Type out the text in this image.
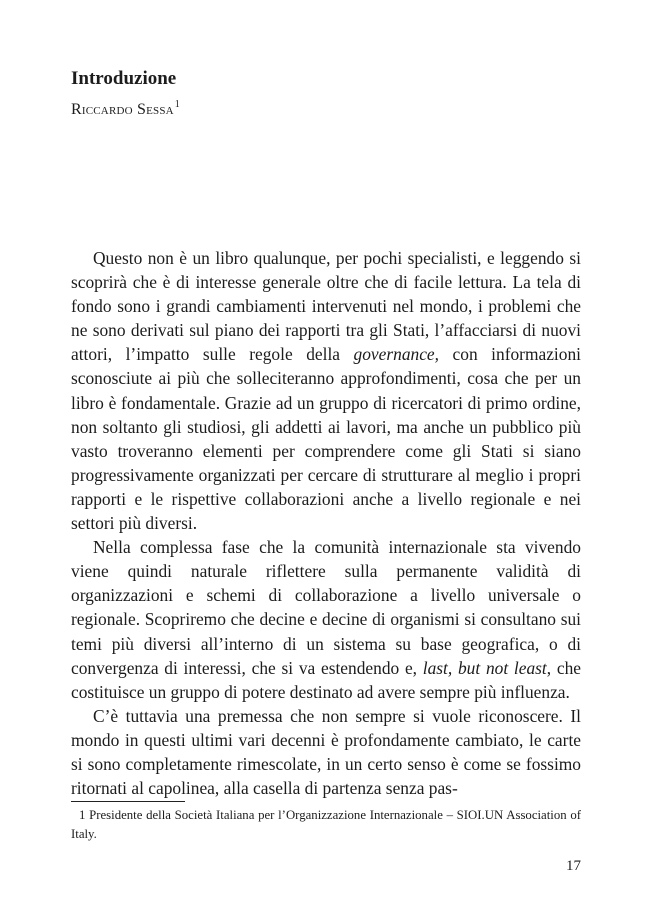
Introduzione
Riccardo Sessa$^1$

Questo non è un libro qualunque, per pochi specialisti, e leggendo si scoprirà che è di interesse generale oltre che di facile lettura. La tela di fondo sono i grandi cambiamenti intervenuti nel mondo, i problemi che ne sono derivati sul piano dei rapporti tra gli Stati, l’affacciarsi di nuovi attori, l’impatto sulle regole della governance, con informazioni sconosciute ai più che solleciteranno approfondimenti, cosa che per un libro è fondamentale. Grazie ad un gruppo di ricercatori di primo ordine, non soltanto gli studiosi, gli addetti ai lavori, ma anche un pubblico più vasto troveranno elementi per comprendere come gli Stati si siano progressivamente organizzati per cercare di strutturare al meglio i propri rapporti e le rispettive collaborazioni anche a livello regionale e nei settori più diversi.

Nella complessa fase che la comunità internazionale sta vivendo viene quindi naturale riflettere sulla permanente validità di organizzazioni e schemi di collaborazione a livello universale o regionale. Scopriremo che decine e decine di organismi si consultano sui temi più diversi all’interno di un sistema su base geografica, o di convergenza di interessi, che si va estendendo e, last, but not least, che costituisce un gruppo di potere destinato ad avere sempre più influenza.

C’è tuttavia una premessa che non sempre si vuole riconoscere. Il mondo in questi ultimi vari decenni è profondamente cambiato, le carte si sono completamente rimescolate, in un certo senso è come se fossimo ritornati al capolinea, alla casella di partenza senza pas-

1 Presidente della Società Italiana per l’Organizzazione Internazionale – SIOI.UN Association of Italy.
17
